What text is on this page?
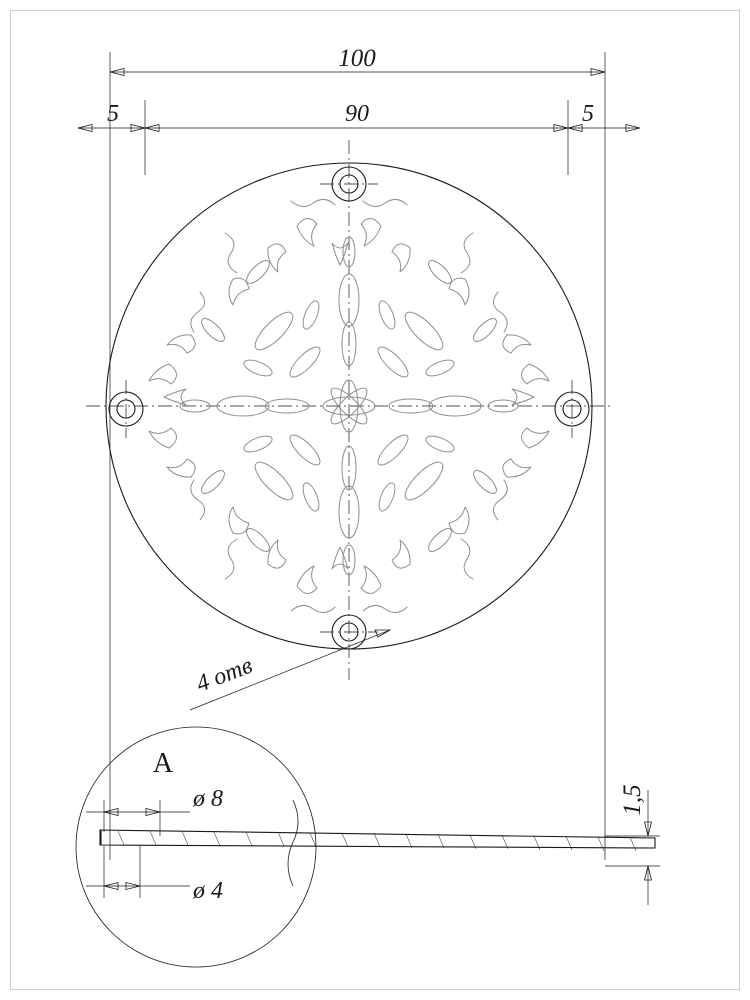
100
90
5	5
4 отв
1,5
A
ø 8
ø 4
